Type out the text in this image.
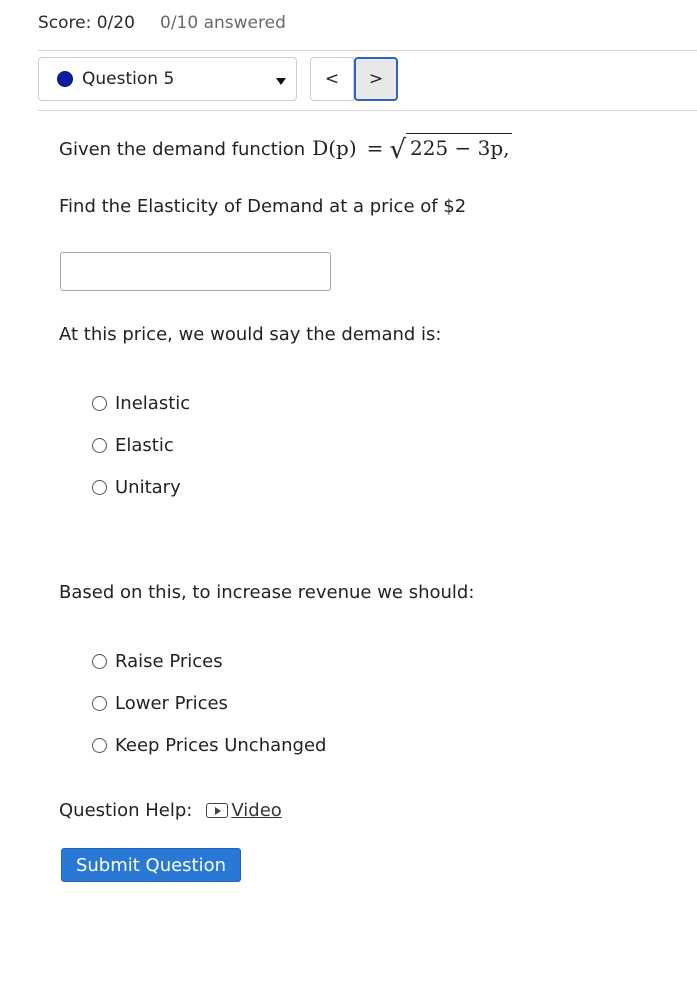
Score: 0/20 0/10 answered
Question 5	<	>
Given the demand function D(p) = √ 225 − 3p,
Find the Elasticity of Demand at a price of $2
At this price, we would say the demand is:
Inelastic
Elastic
Unitary
Based on this, to increase revenue we should:
Raise Prices
Lower Prices
Keep Prices Unchanged
Question Help: Video
Submit Question
